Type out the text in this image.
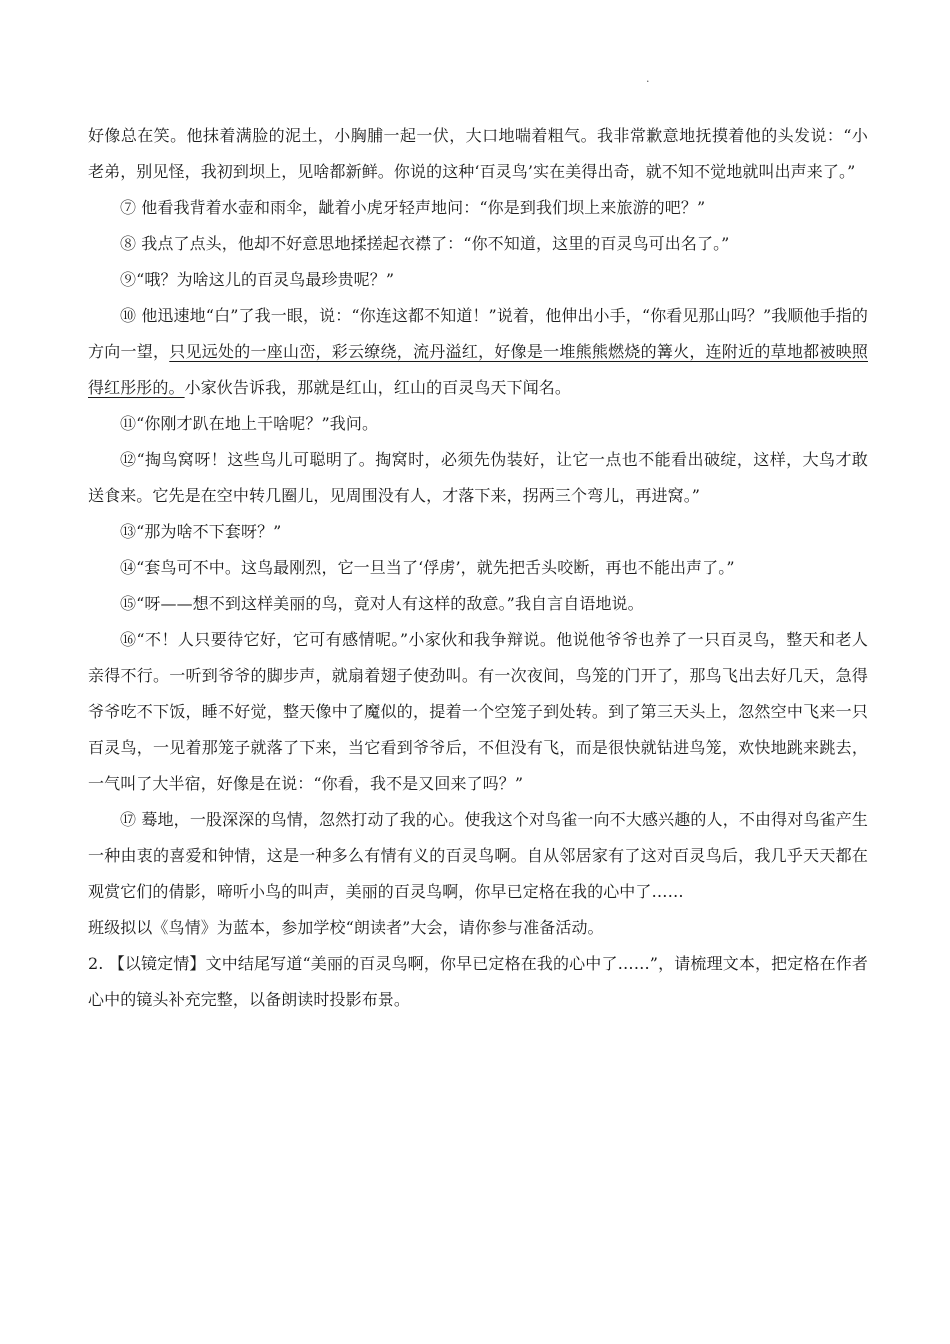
.

好像总在笑。他抹着满脸的泥土，小胸脯一起一伏，大口地喘着粗气。我非常歉意地抚摸着他的头发说：“小老弟，别见怪，我初到坝上，见啥都新鲜。你说的这种‘百灵鸟’实在美得出奇，就不知不觉地就叫出声来了。”

⑦ 他看我背着水壶和雨伞，龇着小虎牙轻声地问：“你是到我们坝上来旅游的吧？”

⑧ 我点了点头，他却不好意思地揉搓起衣襟了：“你不知道，这里的百灵鸟可出名了。”

⑨“哦？为啥这儿的百灵鸟最珍贵呢？”

⑩ 他迅速地“白”了我一眼，说：“你连这都不知道！”说着，他伸出小手，“你看见那山吗？”我顺他手指的方向一望，只见远处的一座山峦，彩云缭绕，流丹溢红，好像是一堆熊熊燃烧的篝火，连附近的草地都被映照得红彤彤的。小家伙告诉我，那就是红山，红山的百灵鸟天下闻名。

⑪“你刚才趴在地上干啥呢？”我问。

⑫“掏鸟窝呀！这些鸟儿可聪明了。掏窝时，必须先伪装好，让它一点也不能看出破绽，这样，大鸟才敢送食来。它先是在空中转几圈儿，见周围没有人，才落下来，拐两三个弯儿，再进窝。”

⑬“那为啥不下套呀？”

⑭“套鸟可不中。这鸟最刚烈，它一旦当了‘俘虏’，就先把舌头咬断，再也不能出声了。”

⑮“呀——想不到这样美丽的鸟，竟对人有这样的敌意。”我自言自语地说。

⑯“不！人只要待它好，它可有感情呢。”小家伙和我争辩说。他说他爷爷也养了一只百灵鸟，整天和老人亲得不行。一听到爷爷的脚步声，就扇着翅子使劲叫。有一次夜间，鸟笼的门开了，那鸟飞出去好几天，急得爷爷吃不下饭，睡不好觉，整天像中了魔似的，提着一个空笼子到处转。到了第三天头上，忽然空中飞来一只百灵鸟，一见着那笼子就落了下来，当它看到爷爷后，不但没有飞，而是很快就钻进鸟笼，欢快地跳来跳去，一气叫了大半宿，好像是在说：“你看，我不是又回来了吗？”

⑰ 蓦地，一股深深的鸟情，忽然打动了我的心。使我这个对鸟雀一向不大感兴趣的人，不由得对鸟雀产生一种由衷的喜爱和钟情，这是一种多么有情有义的百灵鸟啊。自从邻居家有了这对百灵鸟后，我几乎天天都在观赏它们的倩影，啼听小鸟的叫声，美丽的百灵鸟啊，你早已定格在我的心中了……

班级拟以《鸟情》为蓝本，参加学校“朗读者”大会，请你参与准备活动。

2. 【以镜定情】文中结尾写道“美丽的百灵鸟啊，你早已定格在我的心中了……”，请梳理文本，把定格在作者心中的镜头补充完整，以备朗读时投影布景。
